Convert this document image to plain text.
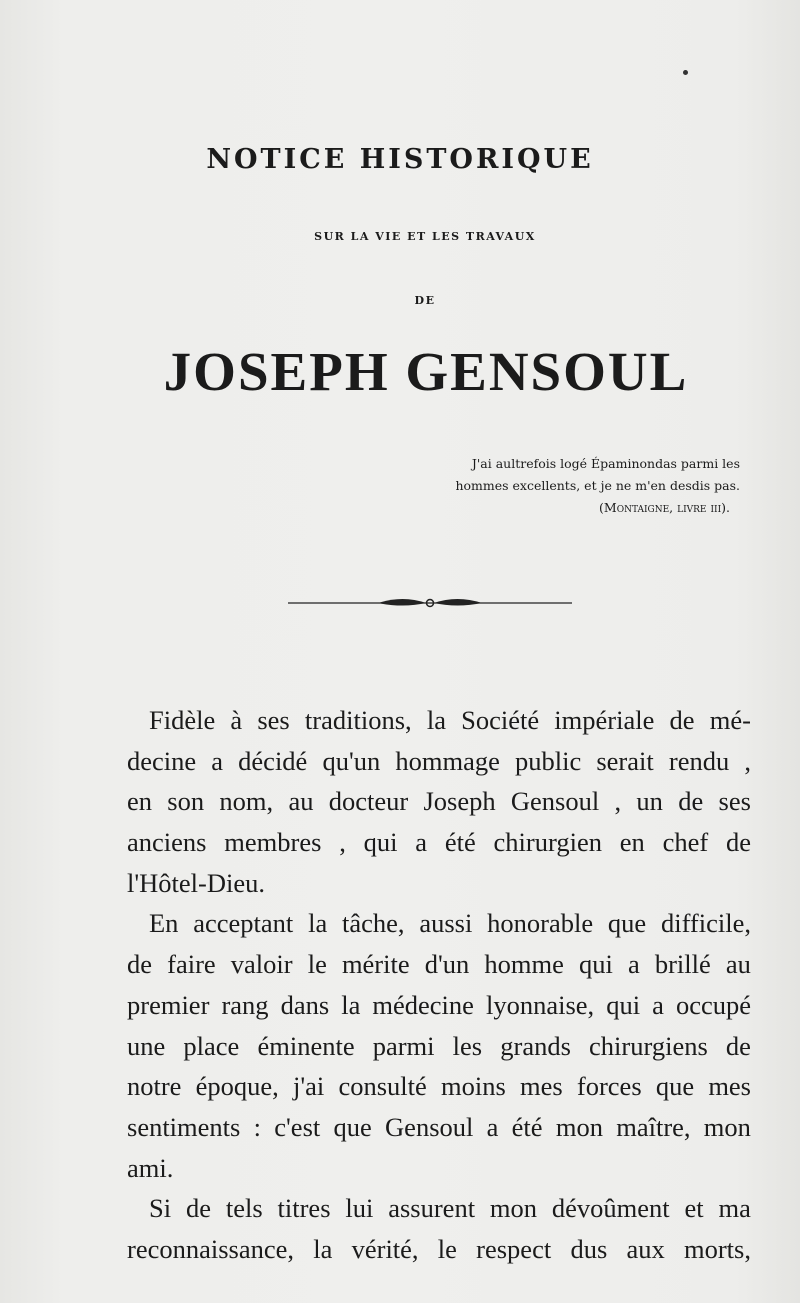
NOTICE HISTORIQUE
SUR LA VIE ET LES TRAVAUX
DE
JOSEPH GENSOUL
J'ai aultrefois logé Épaminondas parmi les
hommes excellents, et je ne m'en desdis pas.
(Montaigne, livre iii).
Fidèle à ses traditions, la Société impériale de mé-
decine a décidé qu'un hommage public serait rendu ,
en son nom, au docteur Joseph Gensoul , un de ses
anciens membres , qui a été chirurgien en chef de
l'Hôtel-Dieu.
En acceptant la tâche, aussi honorable que difficile,
de faire valoir le mérite d'un homme qui a brillé au
premier rang dans la médecine lyonnaise, qui a occupé
une place éminente parmi les grands chirurgiens de
notre époque, j'ai consulté moins mes forces que mes
sentiments : c'est que Gensoul a été mon maître, mon
ami.
Si de tels titres lui assurent mon dévoûment et ma
reconnaissance, la vérité, le respect dus aux morts,
